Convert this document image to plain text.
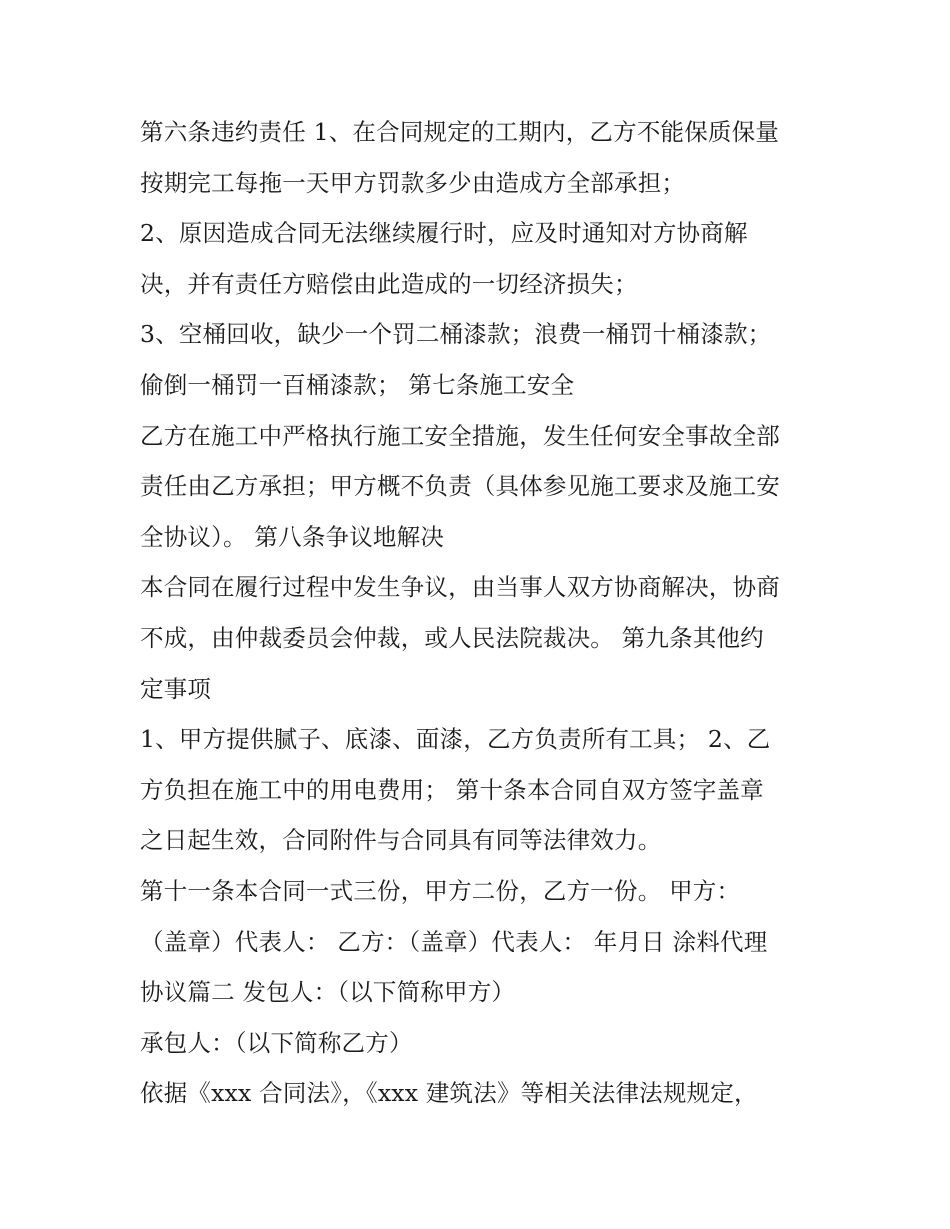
第六条违约责任 1、在合同规定的工期内，乙方不能保质保量
按期完工每拖一天甲方罚款多少由造成方全部承担；
2、原因造成合同无法继续履行时，应及时通知对方协商解
决，并有责任方赔偿由此造成的一切经济损失；
3、空桶回收，缺少一个罚二桶漆款；浪费一桶罚十桶漆款；
偷倒一桶罚一百桶漆款； 第七条施工安全
乙方在施工中严格执行施工安全措施，发生任何安全事故全部
责任由乙方承担；甲方概不负责（具体参见施工要求及施工安
全协议）。 第八条争议地解决
本合同在履行过程中发生争议，由当事人双方协商解决，协商
不成，由仲裁委员会仲裁，或人民法院裁决。 第九条其他约
定事项
1、甲方提供腻子、底漆、面漆，乙方负责所有工具； 2、乙
方负担在施工中的用电费用； 第十条本合同自双方签字盖章
之日起生效，合同附件与合同具有同等法律效力。
第十一条本合同一式三份，甲方二份，乙方一份。 甲方：
（盖章）代表人： 乙方：（盖章）代表人： 年月日 涂料代理
协议篇二 发包人：（以下简称甲方）
承包人：（以下简称乙方）
依据《xxx 合同法》，《xxx 建筑法》等相关法律法规规定，
